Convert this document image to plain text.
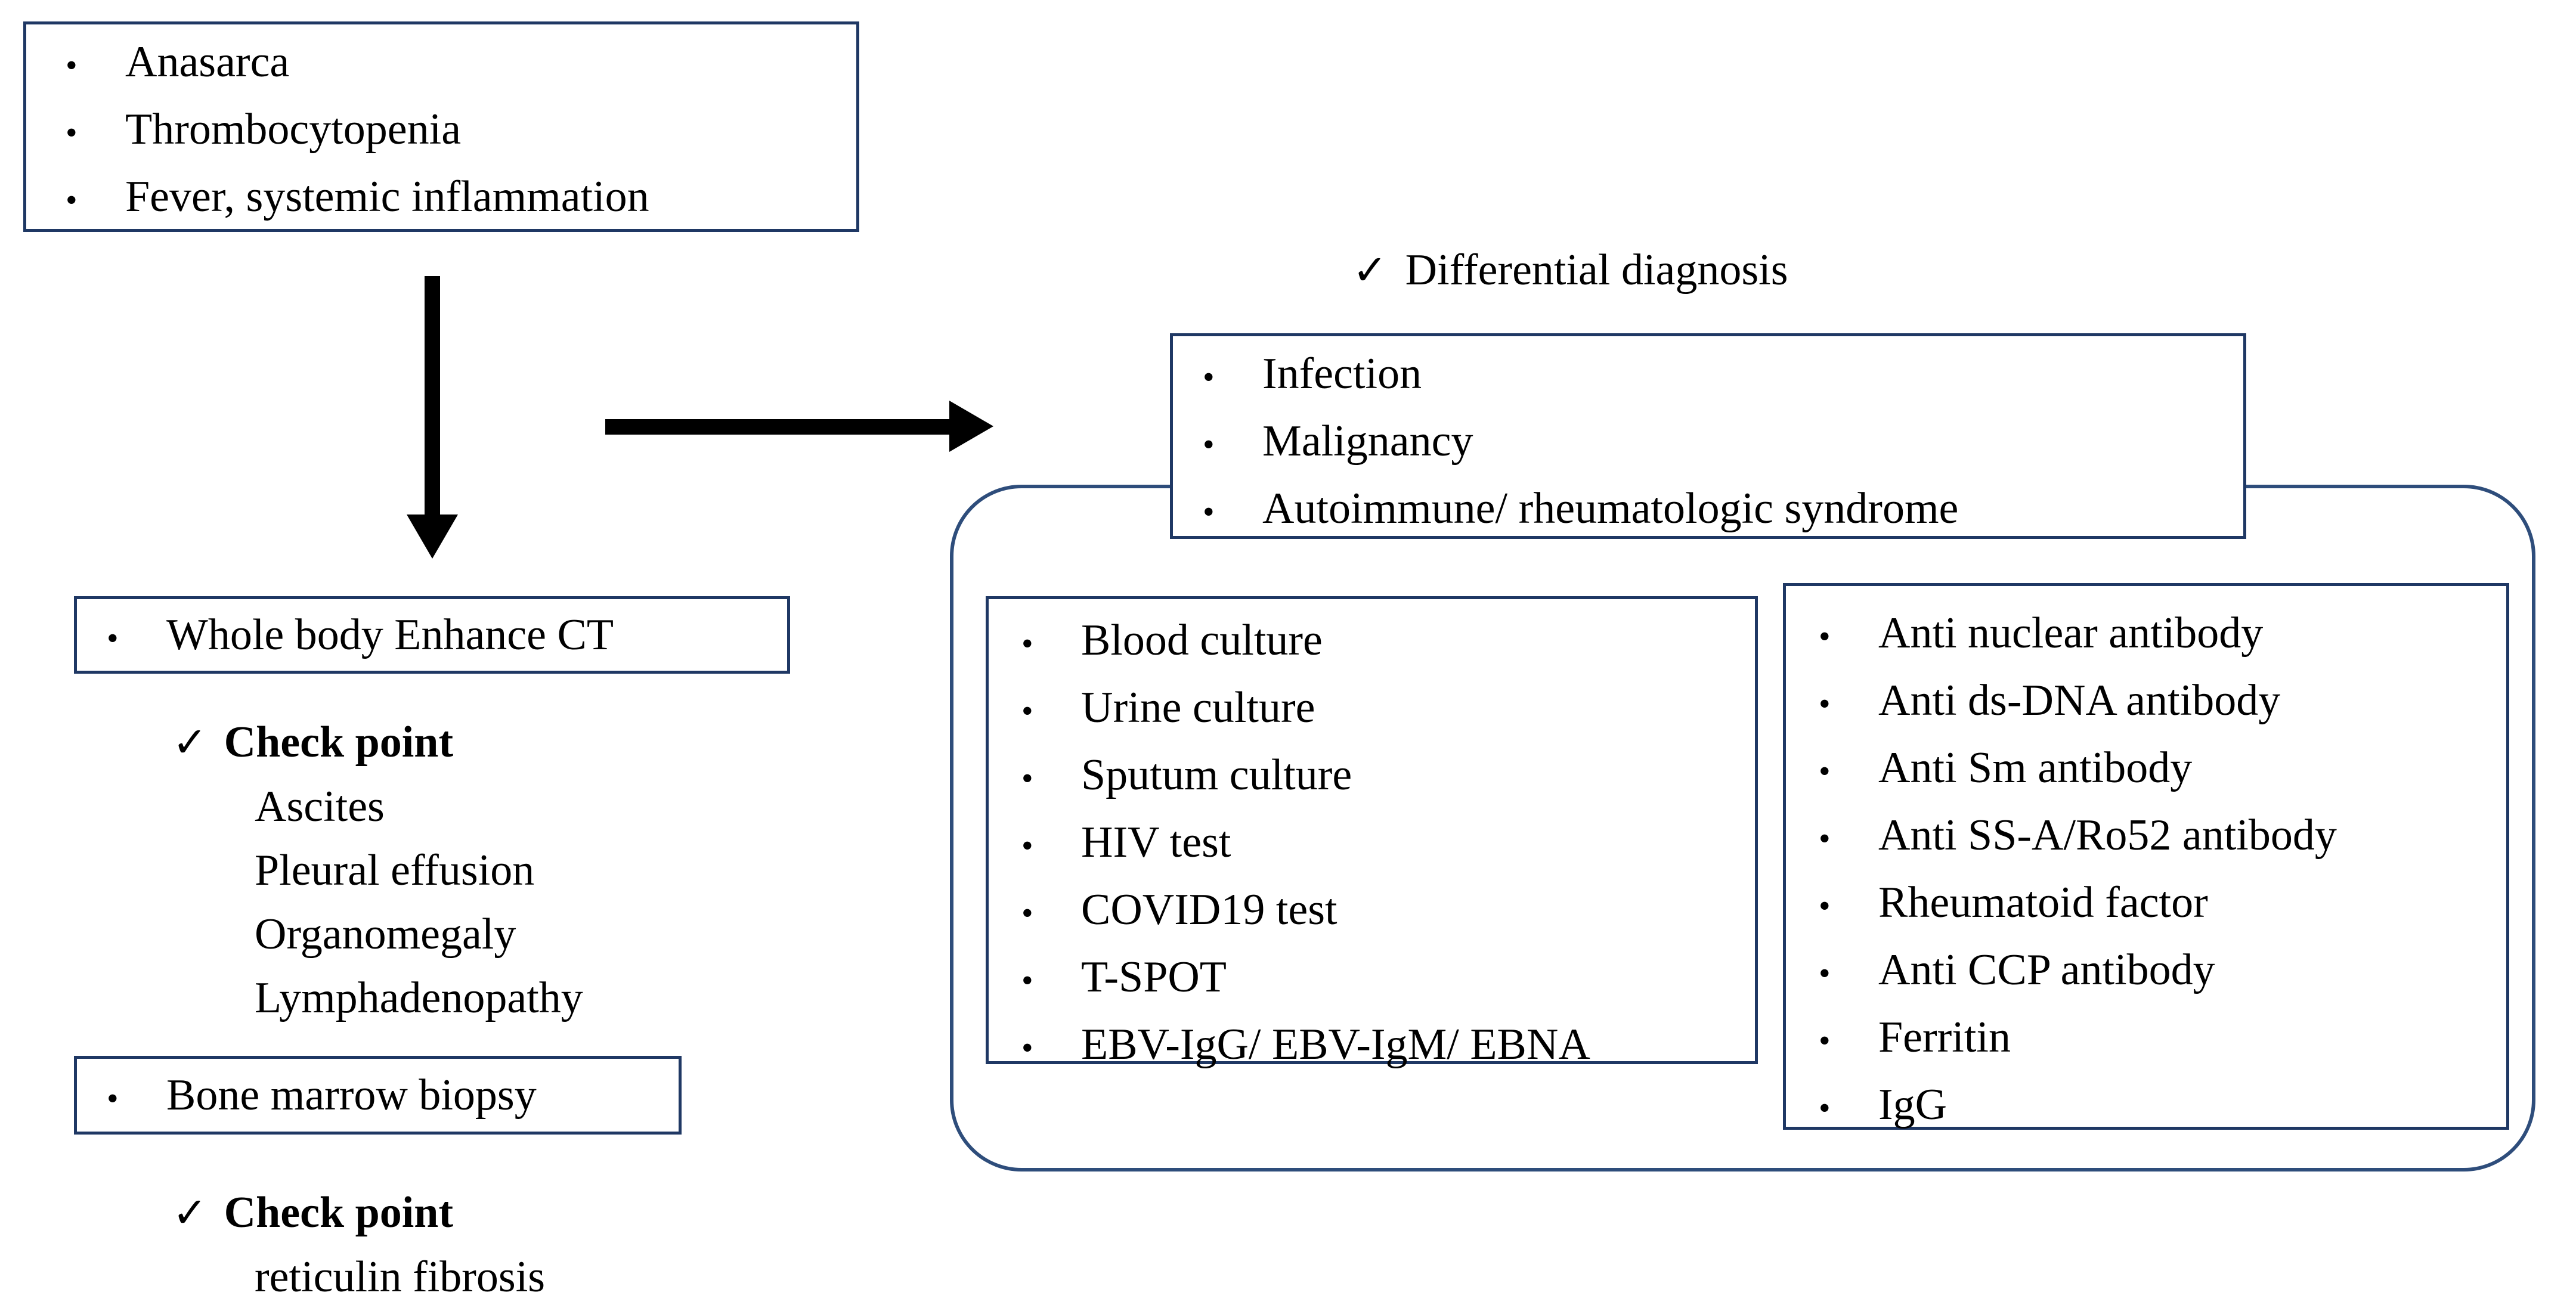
•	Anasarca
•	Thrombocytopenia
•	Fever, systemic inflammation
✓ Differential diagnosis
•	Infection
•	Malignancy
•	Autoimmune/ rheumatologic syndrome
•	Blood culture
•	Urine culture
•	Sputum culture
•	HIV test
•	COVID19 test
•	T-SPOT
•	EBV-IgG/ EBV-IgM/ EBNA
•	Anti nuclear antibody
•	Anti ds-DNA antibody
•	Anti Sm antibody
•	Anti SS-A/Ro52 antibody
•	Rheumatoid factor
•	Anti CCP antibody
•	Ferritin
•	IgG
•	Whole body Enhance CT
✓ Check point
Ascites
Pleural effusion
Organomegaly
Lymphadenopathy
•	Bone marrow biopsy
✓ Check point
reticulin fibrosis
